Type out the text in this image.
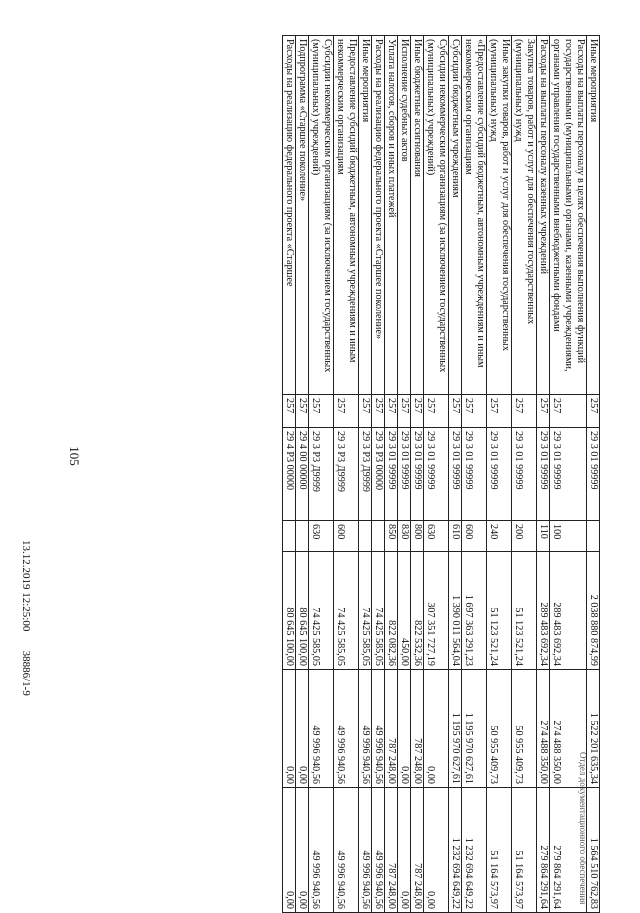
105
13.12.2019 12:25:00       38886/1-9
Отдел документационного обеспечения
Иные мероприятия	257	29 3 01 99999		2 038 880 874,99	1 522 201 635,34	1 564 510 762,83
Расходы на выплаты персоналу в целях обеспечения выполнения функций государственными (муниципальными) органами, казенными учреждениями, органами управления государственными внебюджетными фондами	257	29 3 01 99999	100	289 483 692,34	274 488 350,00	279 864 291,64
Расходы на выплаты персоналу казенных учреждений	257	29 3 01 99999	110	289 483 692,34	274 488 350,00	279 864 291,64
Закупка товаров, работ и услуг для обеспечения государственных (муниципальных) нужд	257	29 3 01 99999	200	51 123 521,24	50 955 409,73	51 164 573,97
Иные закупки товаров, работ и услуг для обеспечения государственных (муниципальных) нужд	257	29 3 01 99999	240	51 123 521,24	50 955 409,73	51 164 573,97
«Предоставление субсидий бюджетным, автономным учреждениям и иным некоммерческим организациям	257	29 3 01 99999	600	1 697 363 291,23	1 195 970 627,61	1 232 694 649,22
Субсидии бюджетным учреждениям	257	29 3 01 99999	610	1 390 011 564,04	1 195 970 627,61	1 232 694 649,22
Субсидии некоммерческим организациям (за исключением государственных (муниципальных) учреждений)	257	29 3 01 99999	630	307 351 727,19	0,00	0,00
Иные бюджетные ассигнования	257	29 3 01 99999	800	822 532,36	787 248,00	787 248,00
Исполнение судебных актов	257	29 3 01 99999	830	450,00	0,00	0,00
Уплата налогов, сборов и иных платежей	257	29 3 01 99999	850	822 082,36	787 248,00	787 248,00
Расходы на реализацию федерального проекта «Старшее поколение»	257	29 3 P3 00000		74 425 585,05	49 996 940,56	49 996 940,56
Иные мероприятия	257	29 3 P3 Д9999		74 425 585,05	49 996 940,56	49 996 940,56
Предоставление субсидий бюджетным, автономным учреждениям и иным некоммерческим организациям	257	29 3 P3 Д9999	600	74 425 585,05	49 996 940,56	49 996 940,56
Субсидии некоммерческим организациям (за исключением государственных (муниципальных) учреждений)	257	29 3 P3 Д9999	630	74 425 585,05	49 996 940,56	49 996 940,56
Подпрограмма «Старшее поколение»	257	29 4 00 00000		80 645 100,00	0,00	0,00
Расходы на реализацию федерального проекта «Старшее	257	29 4 P3 00000		80 645 100,00	0,00	0,00
